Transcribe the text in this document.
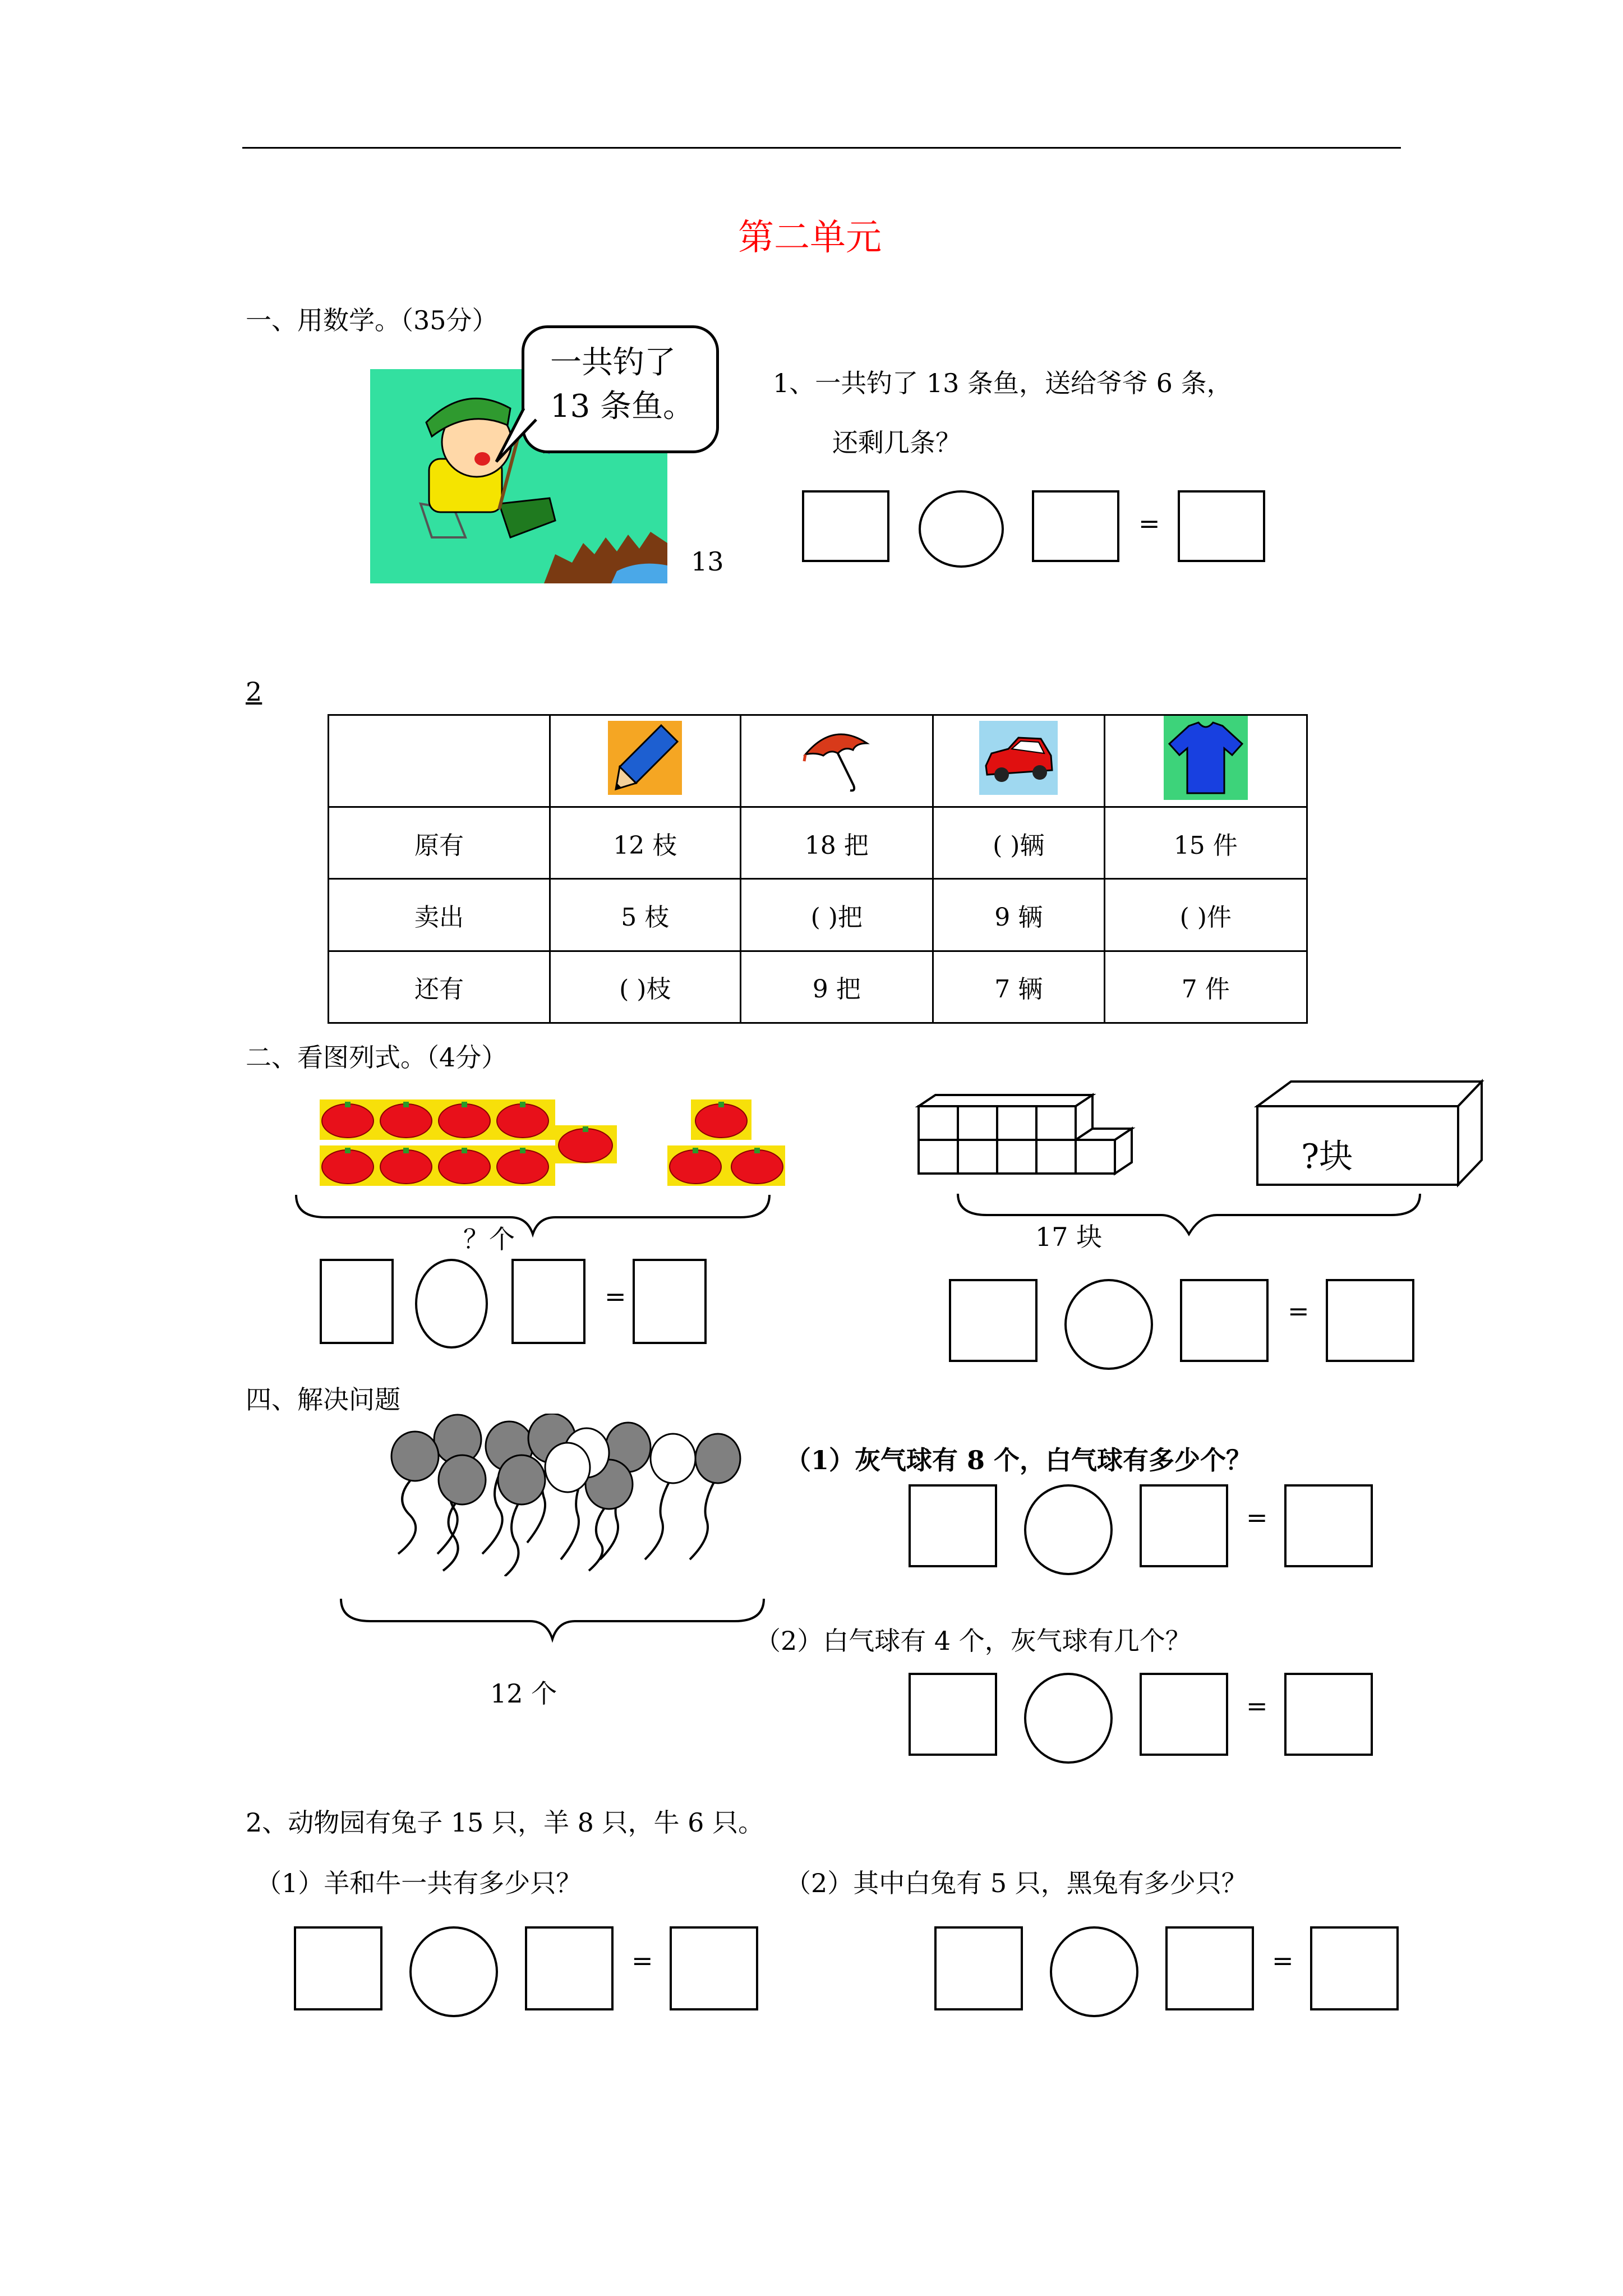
第二单元
一、用数学。（35分）
一共钓了
13 条鱼。
13
1、一共钓了 13 条鱼，送给爷爷 6 条，
还剩几条？
=
2

原有	12 枝	18 把	( )辆	15 件
卖出	5 枝	( )把	9 辆	( )件
还有	( )枝	9 把	7 辆	7 件
二、看图列式。（4分）
？个
=
?块
17 块
=
四、解决问题
12 个
（1）灰气球有 8 个，白气球有多少个？
=
（2）白气球有 4 个，灰气球有几个？
=
2、动物园有兔子 15 只，羊 8 只，牛 6 只。
（1）羊和牛一共有多少只？	（2）其中白兔有 5 只，黑兔有多少只？
=	=
